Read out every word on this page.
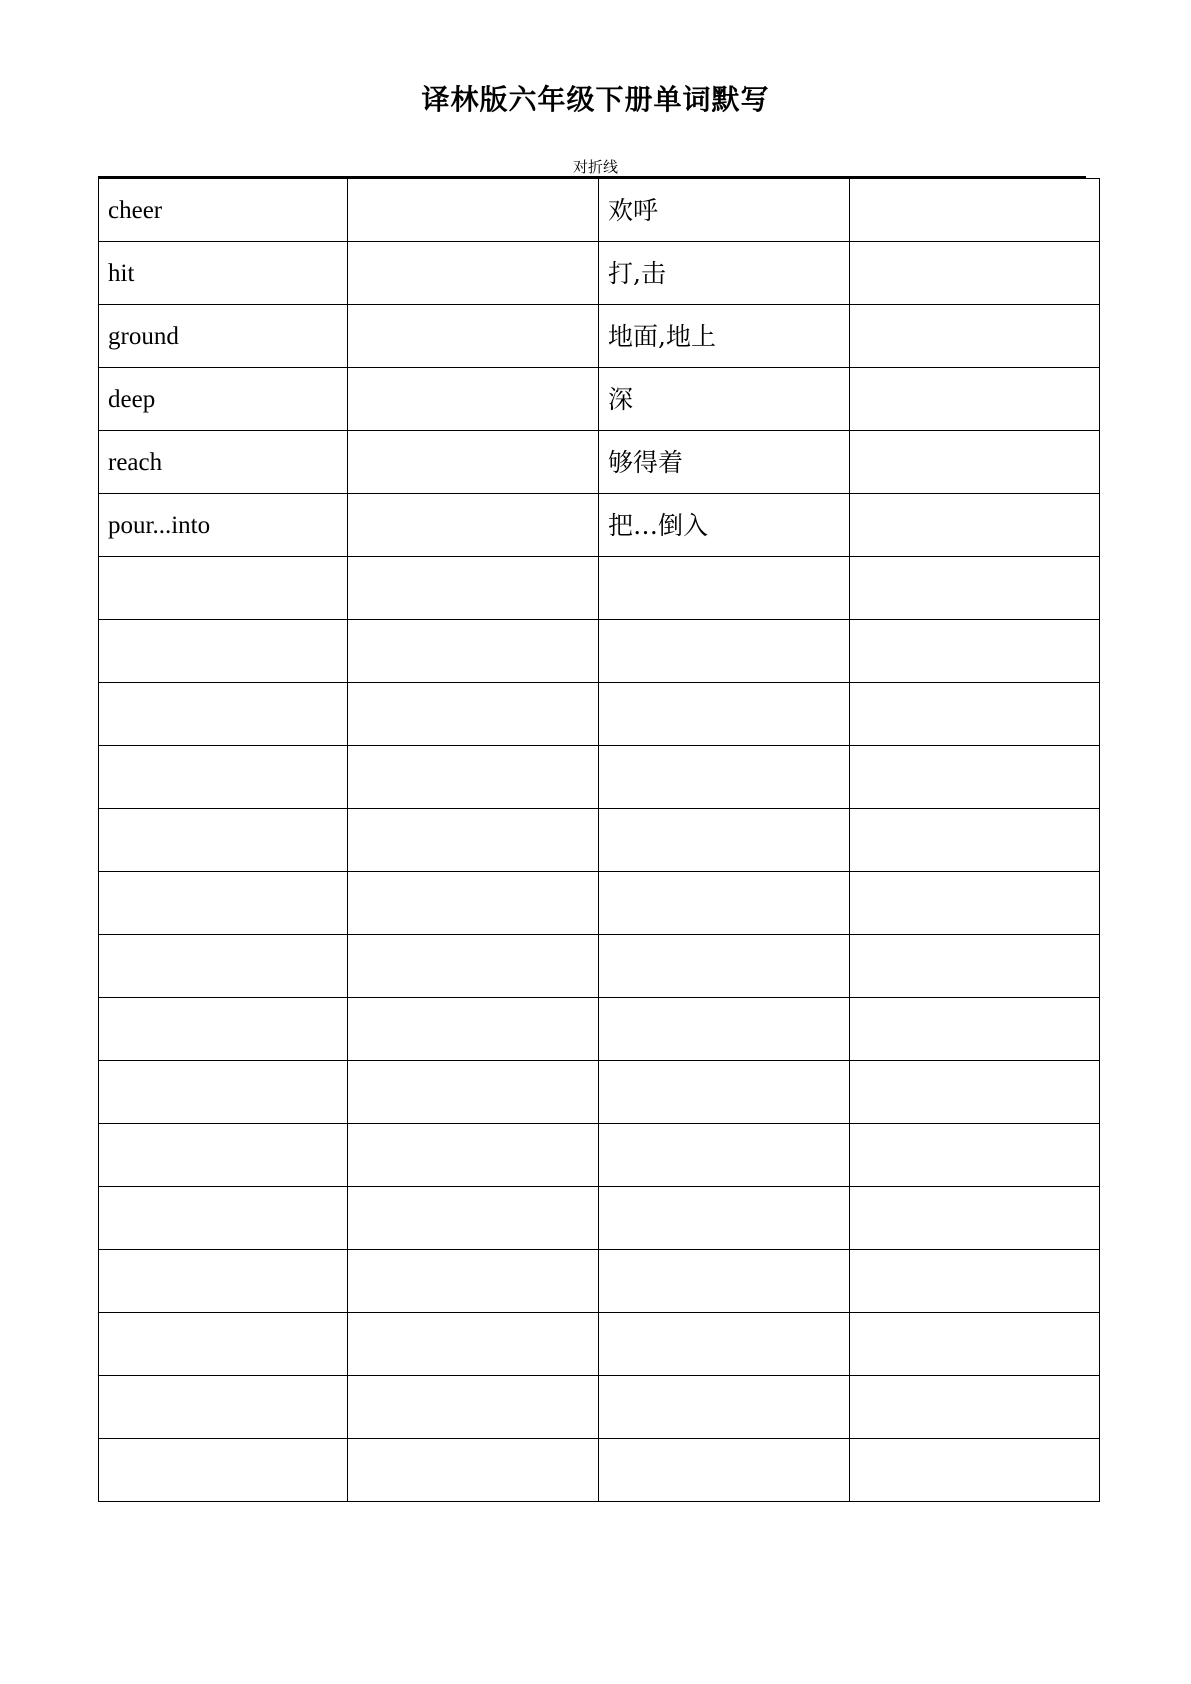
译林版六年级下册单词默写
对折线
cheer		欢呼	
hit		打,击	
ground		地面,地上	
deep		深	
reach		够得着	
pour...into		把…倒入	
